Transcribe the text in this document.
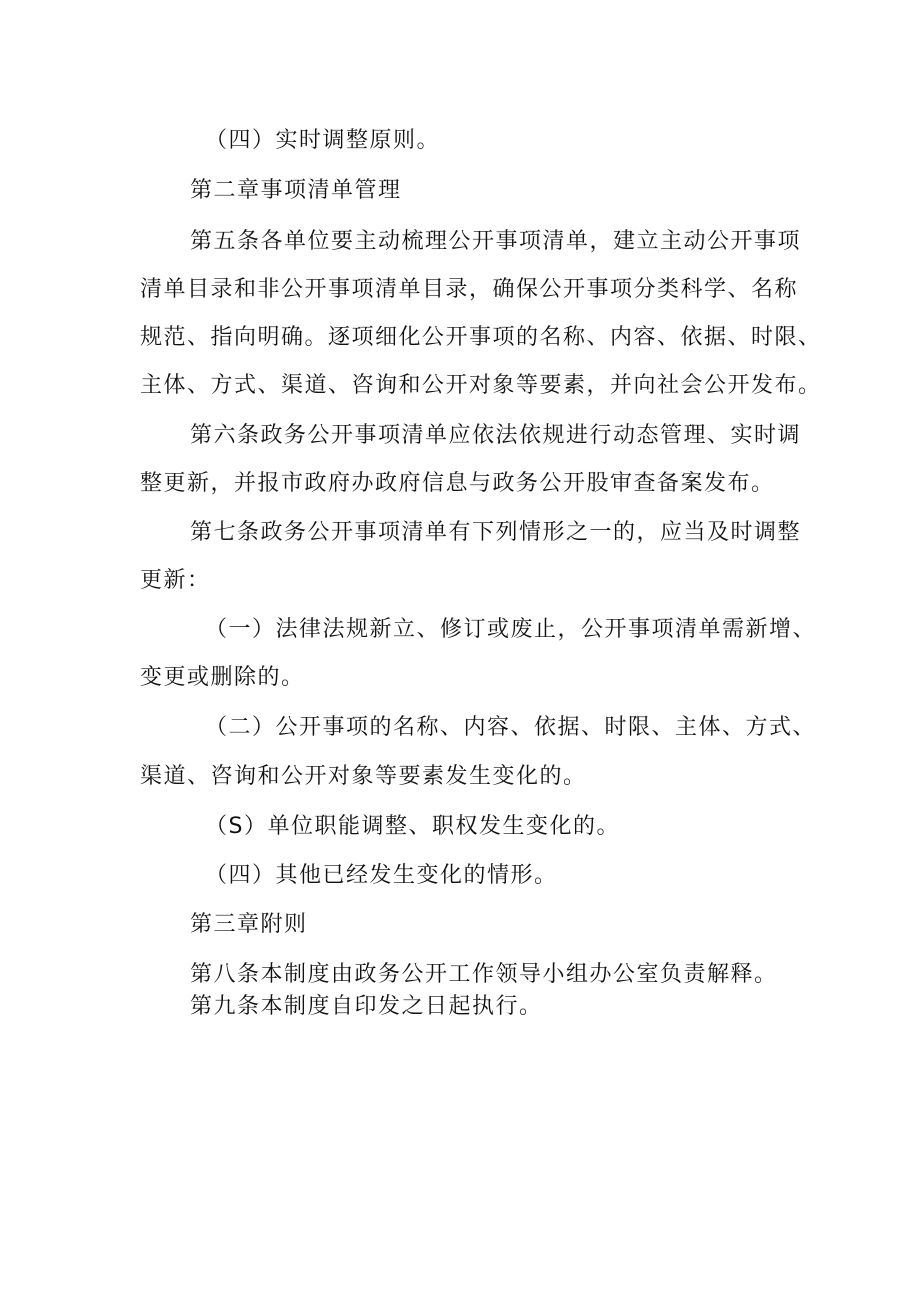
（四）实时调整原则。
第二章事项清单管理
第五条各单位要主动梳理公开事项清单，建立主动公开事项
清单目录和非公开事项清单目录，确保公开事项分类科学、名称
规范、指向明确。逐项细化公开事项的名称、内容、依据、时限、
主体、方式、渠道、咨询和公开对象等要素，并向社会公开发布。
第六条政务公开事项清单应依法依规进行动态管理、实时调
整更新，并报市政府办政府信息与政务公开股审查备案发布。
第七条政务公开事项清单有下列情形之一的，应当及时调整
更新：
（一）法律法规新立、修订或废止，公开事项清单需新增、
变更或删除的。
（二）公开事项的名称、内容、依据、时限、主体、方式、
渠道、咨询和公开对象等要素发生变化的。
（S）单位职能调整、职权发生变化的。
（四）其他已经发生变化的情形。
第三章附则
第八条本制度由政务公开工作领导小组办公室负责解释。
第九条本制度自印发之日起执行。
